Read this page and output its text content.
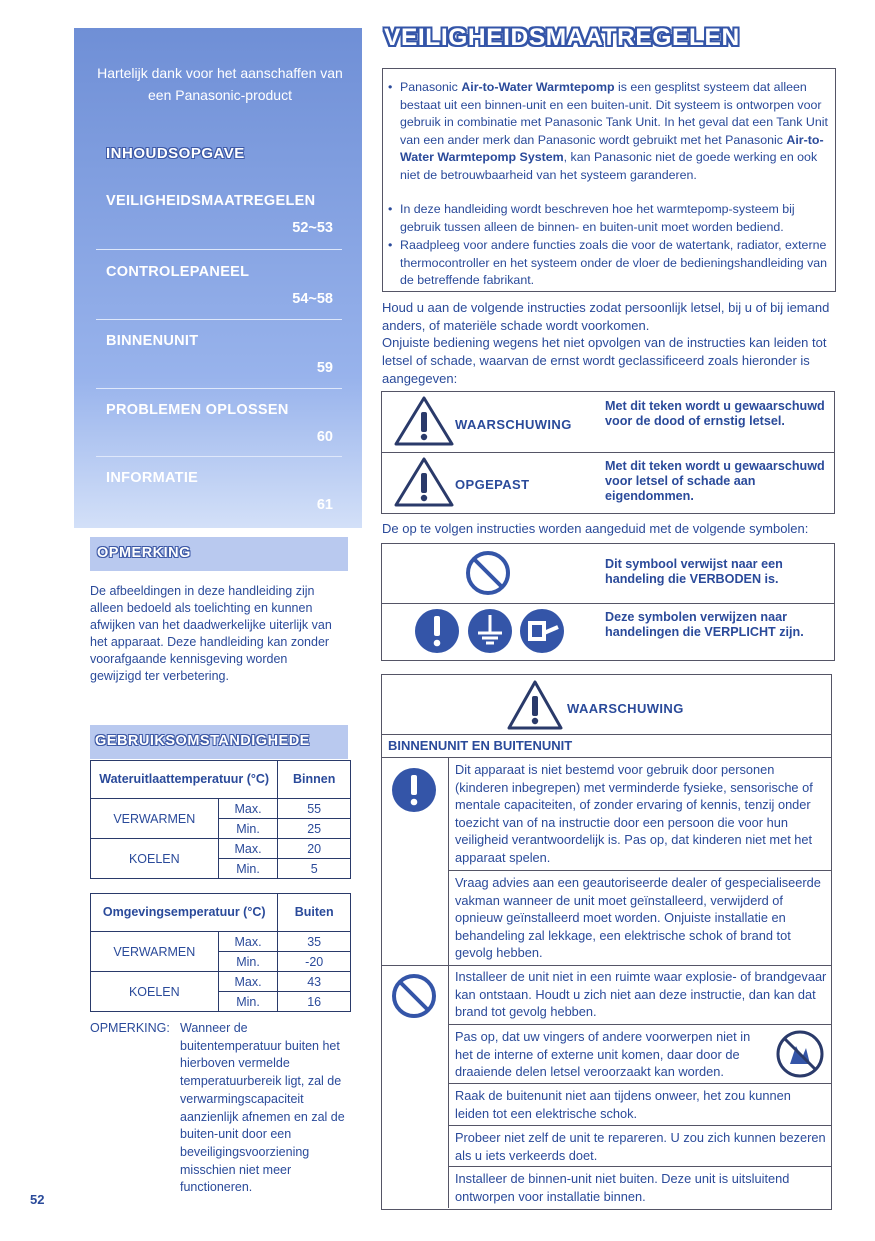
Hartelijk dank voor het aanschaffen van een Panasonic-product
INHOUDSOPGAVE
VEILIGHEIDSMAATREGELEN
52~53
CONTROLEPANEEL
54~58
BINNENUNIT
59
PROBLEMEN OPLOSSEN
60
INFORMATIE
61
OPMERKING
De afbeeldingen in deze handleiding zijn alleen bedoeld als toelichting en kunnen afwijken van het daadwerkelijke uiterlijk van het apparaat. Deze handleiding kan zonder voorafgaande kennisgeving worden gewijzigd ter verbetering.
GEBRUIKSOMSTANDIGHEDE
Wateruitlaattemperatuur (°C)		Binnen
VERWARMEN	Max.	55
	Min.	25
KOELEN	Max.	20
	Min.	5
Omgevingsemperatuur (°C)		Buiten
VERWARMEN	Max.	35
	Min.	-20
KOELEN	Max.	43
	Min.	16
OPMERKING: Wanneer de buitentemperatuur buiten het hierboven vermelde temperatuurbereik ligt, zal de verwarmingscapaciteit aanzienlijk afnemen en zal de buiten-unit door een beveiligingsvoorziening misschien niet meer functioneren.
52
VEILIGHEIDSMAATREGELEN
• Panasonic Air-to-Water Warmtepomp is een gesplitst systeem dat alleen bestaat uit een binnen-unit en een buiten-unit. Dit systeem is ontworpen voor gebruik in combinatie met Panasonic Tank Unit. In het geval dat een Tank Unit van een ander merk dan Panasonic wordt gebruikt met het Panasonic Air-to-Water Warmtepomp System, kan Panasonic niet de goede werking en ook niet de betrouwbaarheid van het systeem garanderen.
• In deze handleiding wordt beschreven hoe het warmtepomp-systeem bij gebruik tussen alleen de binnen- en buiten-unit moet worden bediend.
• Raadpleeg voor andere functies zoals die voor de watertank, radiator, externe thermocontroller en het systeem onder de vloer de bedieningshandleiding van de betreffende fabrikant.
Houd u aan de volgende instructies zodat persoonlijk letsel, bij u of bij iemand anders, of materiële schade wordt voorkomen.
Onjuiste bediening wegens het niet opvolgen van de instructies kan leiden tot letsel of schade, waarvan de ernst wordt geclassificeerd zoals hieronder is aangegeven:
WAARSCHUWING
Met dit teken wordt u gewaarschuwd voor de dood of ernstig letsel.
OPGEPAST
Met dit teken wordt u gewaarschuwd voor letsel of schade aan eigendommen.
De op te volgen instructies worden aangeduid met de volgende symbolen:
Dit symbool verwijst naar een handeling die VERBODEN is.
Deze symbolen verwijzen naar handelingen die VERPLICHT zijn.
WAARSCHUWING
BINNENUNIT EN BUITENUNIT
Dit apparaat is niet bestemd voor gebruik door personen (kinderen inbegrepen) met verminderde fysieke, sensorische of mentale capaciteiten, of zonder ervaring of kennis, tenzij onder toezicht van of na instructie door een persoon die voor hun veiligheid verantwoordelijk is. Pas op, dat kinderen niet met het apparaat spelen.
Vraag advies aan een geautoriseerde dealer of gespecialiseerde vakman wanneer de unit moet geïnstalleerd, verwijderd of opnieuw geïnstalleerd moet worden. Onjuiste installatie en behandeling zal lekkage, een elektrische schok of brand tot gevolg hebben.
Installeer de unit niet in een ruimte waar explosie- of brandgevaar kan ontstaan. Houdt u zich niet aan deze instructie, dan kan dat brand tot gevolg hebben.
Pas op, dat uw vingers of andere voorwerpen niet in het de interne of externe unit komen, daar door de draaiende delen letsel veroorzaakt kan worden.
Raak de buitenunit niet aan tijdens onweer, het zou kunnen leiden tot een elektrische schok.
Probeer niet zelf de unit te repareren. U zou zich kunnen bezeren als u iets verkeerds doet.
Installeer de binnen-unit niet buiten. Deze unit is uitsluitend ontworpen voor installatie binnen.
